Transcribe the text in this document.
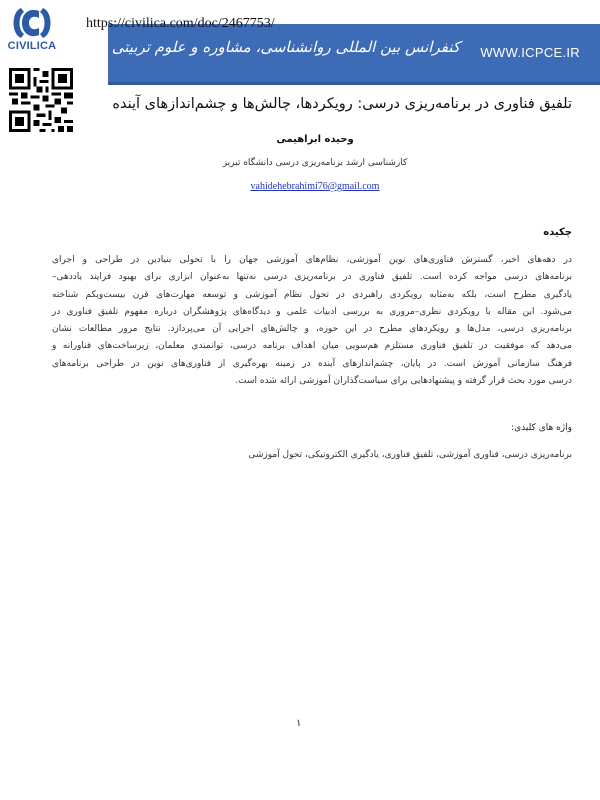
CIVILICA
https://civilica.com/doc/2467753/
کنفرانس بین المللی روانشناسی، مشاوره و علوم تربیتی WWW.ICPCE.IR
تلفیق فناوری در برنامه‌ریزی درسی: رویکردها، چالش‌ها و چشم‌اندازهای آینده
وحیده ابراهیمی
کارشناسی ارشد برنامه‌ریزی درسی دانشگاه تبریز
vahidehebrahimi76@gmail.com
چکیده
در دهه‌های اخیر، گسترش فناوری‌های نوین آموزشی، نظام‌های آموزشی جهان را با تحولی بنیادین در طراحی و اجرای
برنامه‌های درسی مواجه کرده است. تلفیق فناوری در برنامه‌ریزی درسی نه‌تنها به‌عنوان ابزاری برای بهبود فرایند یاددهی–
یادگیری مطرح است، بلکه به‌مثابه رویکردی راهبردی در تحول نظام آموزشی و توسعه مهارت‌های قرن بیست‌ویکم شناخته
می‌شود. این مقاله با رویکردی نظری–مروری به بررسی ادبیات علمی و دیدگاه‌های پژوهشگران درباره مفهوم تلفیق فناوری در
برنامه‌ریزی درسی، مدل‌ها و رویکردهای مطرح در این حوزه، و چالش‌های اجرایی آن می‌پردازد. نتایج مرور مطالعات نشان
می‌دهد که موفقیت در تلفیق فناوری مستلزم هم‌سویی میان اهداف برنامه درسی، توانمندی معلمان، زیرساخت‌های فناورانه و
فرهنگ سازمانی آموزش است. در پایان، چشم‌اندازهای آینده در زمینه بهره‌گیری از فناوری‌های نوین در طراحی برنامه‌های
درسی مورد بحث قرار گرفته و پیشنهادهایی برای سیاست‌گذاران آموزشی ارائه شده است.
واژه های کلیدی:
برنامه‌ریزی درسی، فناوری آموزشی، تلفیق فناوری، یادگیری الکترونیکی، تحول آموزشی
۱
